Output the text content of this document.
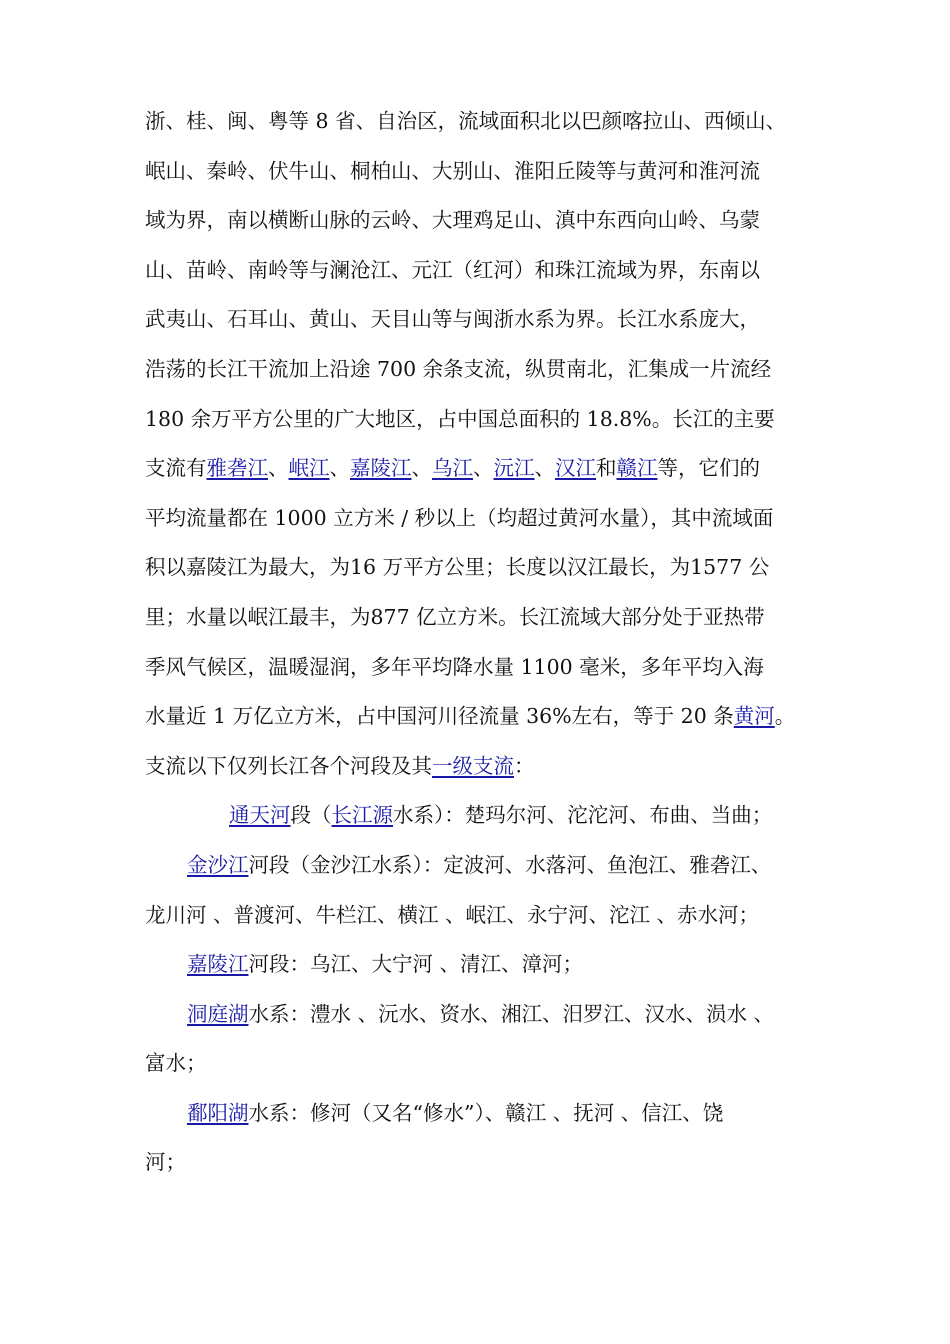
浙、桂、闽、粤等 8 省、自治区，流域面积北以巴颜喀拉山、西倾山、
岷山、秦岭、伏牛山、桐柏山、大别山、淮阳丘陵等与黄河和淮河流
域为界，南以横断山脉的云岭、大理鸡足山、滇中东西向山岭、乌蒙
山、苗岭、南岭等与澜沧江、元江（红河）和珠江流域为界，东南以
武夷山、石耳山、黄山、天目山等与闽浙水系为界。长江水系庞大，
浩荡的长江干流加上沿途 700 余条支流，纵贯南北，汇集成一片流经
180 余万平方公里的广大地区，占中国总面积的 18.8%。长江的主要
支流有雅砻江、岷江、嘉陵江、乌江、沅江、汉江和赣江等，它们的
平均流量都在 1000 立方米 / 秒以上（均超过黄河水量），其中流域面
积以嘉陵江为最大，为16 万平方公里；长度以汉江最长，为1577 公
里；水量以岷江最丰，为877 亿立方米。长江流域大部分处于亚热带
季风气候区，温暖湿润，多年平均降水量 1100 毫米，多年平均入海
水量近 1 万亿立方米，占中国河川径流量 36%左右，等于 20 条黄河。
支流以下仅列长江各个河段及其一级支流：
通天河段（长江源水系）：楚玛尔河、沱沱河、布曲、当曲；
金沙江河段（金沙江水系）：定波河、水落河、鱼泡江、雅砻江、
龙川河 、普渡河、牛栏江、横江 、岷江、永宁河、沱江 、赤水河；
嘉陵江河段：乌江、大宁河 、清江、漳河；
洞庭湖水系：澧水 、沅水、资水、湘江、汨罗江、汉水、涢水 、
富水；
鄱阳湖水系：修河（又名“修水”）、赣江 、抚河 、信江、饶
河；
